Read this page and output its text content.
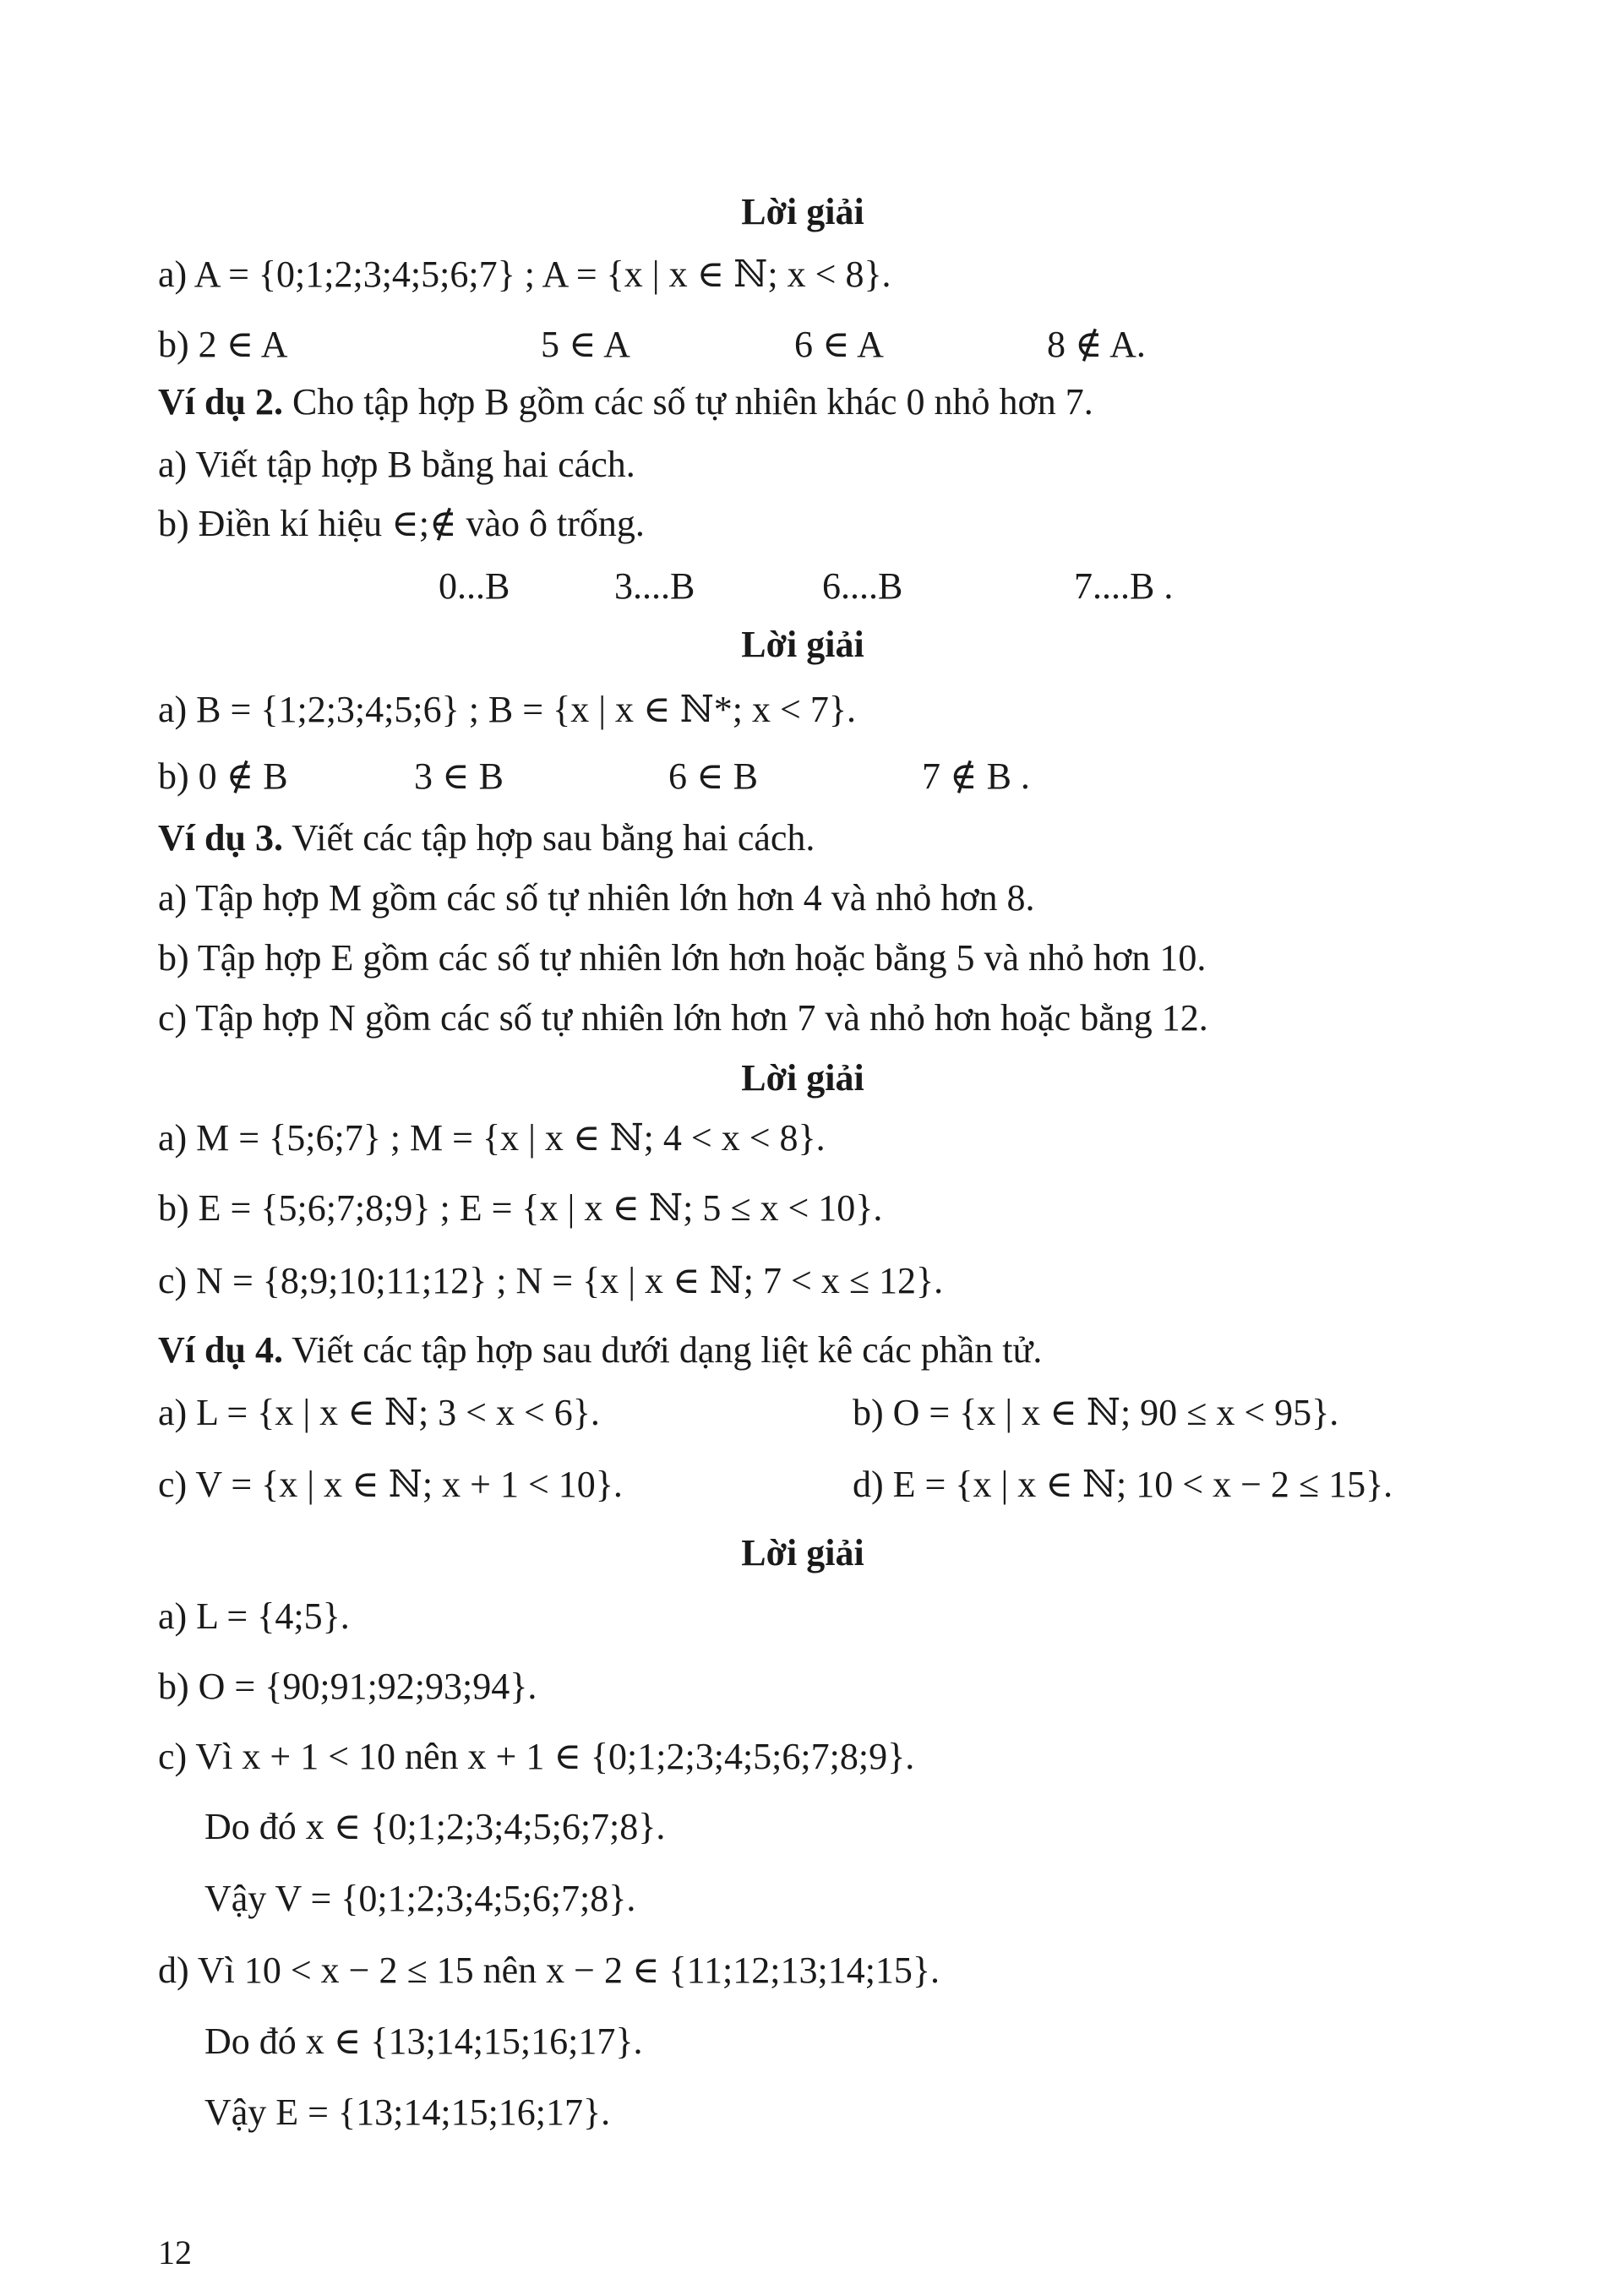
Lời giải
a) A = {0;1;2;3;4;5;6;7} ; A = {x | x ∈ ℕ; x < 8}.
b) 2 ∈ A	5 ∈ A	6 ∈ A	8 ∉ A.
Ví dụ 2. Cho tập hợp B gồm các số tự nhiên khác 0 nhỏ hơn 7.
a) Viết tập hợp B bằng hai cách.
b) Điền kí hiệu ∈;∉ vào ô trống.
0...B	3....B	6....B	7....B .
Lời giải
a) B = {1;2;3;4;5;6} ; B = {x | x ∈ ℕ*; x < 7}.
b) 0 ∉ B	3 ∈ B	6 ∈ B	7 ∉ B .
Ví dụ 3. Viết các tập hợp sau bằng hai cách.
a) Tập hợp M gồm các số tự nhiên lớn hơn 4 và nhỏ hơn 8.
b) Tập hợp E gồm các số tự nhiên lớn hơn hoặc bằng 5 và nhỏ hơn 10.
c) Tập hợp N gồm các số tự nhiên lớn hơn 7 và nhỏ hơn hoặc bằng 12.
Lời giải
a) M = {5;6;7} ; M = {x | x ∈ ℕ; 4 < x < 8}.
b) E = {5;6;7;8;9} ; E = {x | x ∈ ℕ; 5 ≤ x < 10}.
c) N = {8;9;10;11;12} ; N = {x | x ∈ ℕ; 7 < x ≤ 12}.
Ví dụ 4. Viết các tập hợp sau dưới dạng liệt kê các phần tử.
a) L = {x | x ∈ ℕ; 3 < x < 6}.	b) O = {x | x ∈ ℕ; 90 ≤ x < 95}.
c) V = {x | x ∈ ℕ; x + 1 < 10}.	d) E = {x | x ∈ ℕ; 10 < x − 2 ≤ 15}.
Lời giải
a) L = {4;5}.
b) O = {90;91;92;93;94}.
c) Vì x + 1 < 10 nên x + 1 ∈ {0;1;2;3;4;5;6;7;8;9}.
Do đó x ∈ {0;1;2;3;4;5;6;7;8}.
Vậy V = {0;1;2;3;4;5;6;7;8}.
d) Vì 10 < x − 2 ≤ 15 nên x − 2 ∈ {11;12;13;14;15}.
Do đó x ∈ {13;14;15;16;17}.
Vậy E = {13;14;15;16;17}.
12
